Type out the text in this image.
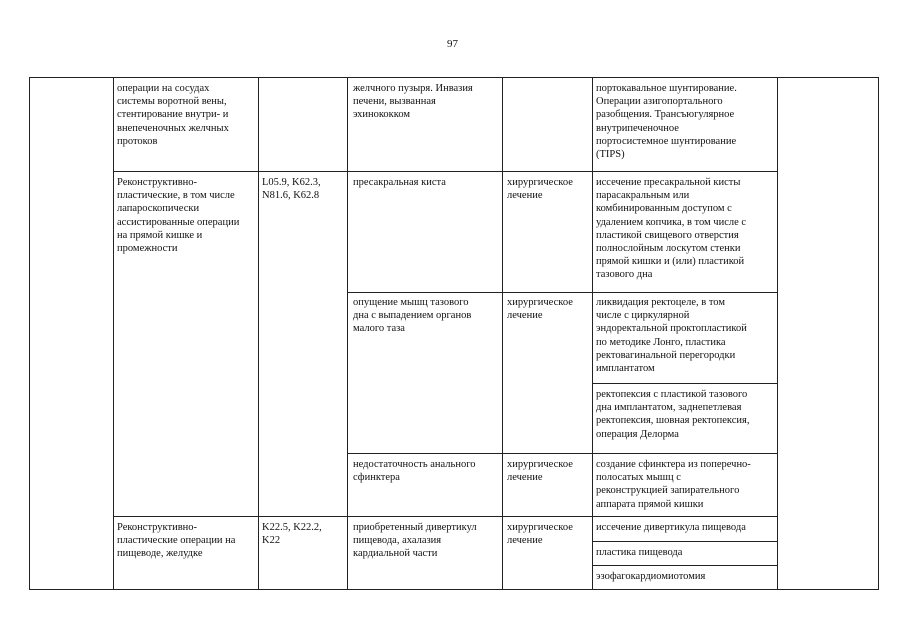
97
операции на сосудах
системы воротной вены,
стентирование внутри- и
внепеченочных желчных
протоков
желчного пузыря. Инвазия
печени, вызванная
эхинококком
портокавальное шунтирование.
Операции азигопортального
разобщения. Трансъюгулярное
внутрипеченочное
портосистемное шунтирование
(TIPS)
Реконструктивно-
пластические, в том числе
лапароскопически
ассистированные операции
на прямой кишке и
промежности
L05.9, K62.3,
N81.6, K62.8
пресакральная киста	хирургическое
лечение
иссечение пресакральной кисты
парасакральным или
комбинированным доступом с
удалением копчика, в том числе с
пластикой свищевого отверстия
полнослойным лоскутом стенки
прямой кишки и (или) пластикой
тазового дна
опущение мышц тазового
дна с выпадением органов
малого таза
хирургическое
лечение
ликвидация ректоцеле, в том
числе с циркулярной
эндоректальной проктопластикой
по методике Лонго, пластика
ректовагинальной перегородки
имплантатом
ректопексия с пластикой тазового
дна имплантатом, заднепетлевая
ректопексия, шовная ректопексия,
операция Делорма
недостаточность анального
сфинктера
хирургическое
лечение
создание сфинктера из поперечно-
полосатых мышц с
реконструкцией запирательного
аппарата прямой кишки
Реконструктивно-
пластические операции на
пищеводе, желудке
K22.5, K22.2,
K22
приобретенный дивертикул
пищевода, ахалазия
кардиальной части
хирургическое
лечение
иссечение дивертикула пищевода
пластика пищевода
эзофагокардиомиотомия
